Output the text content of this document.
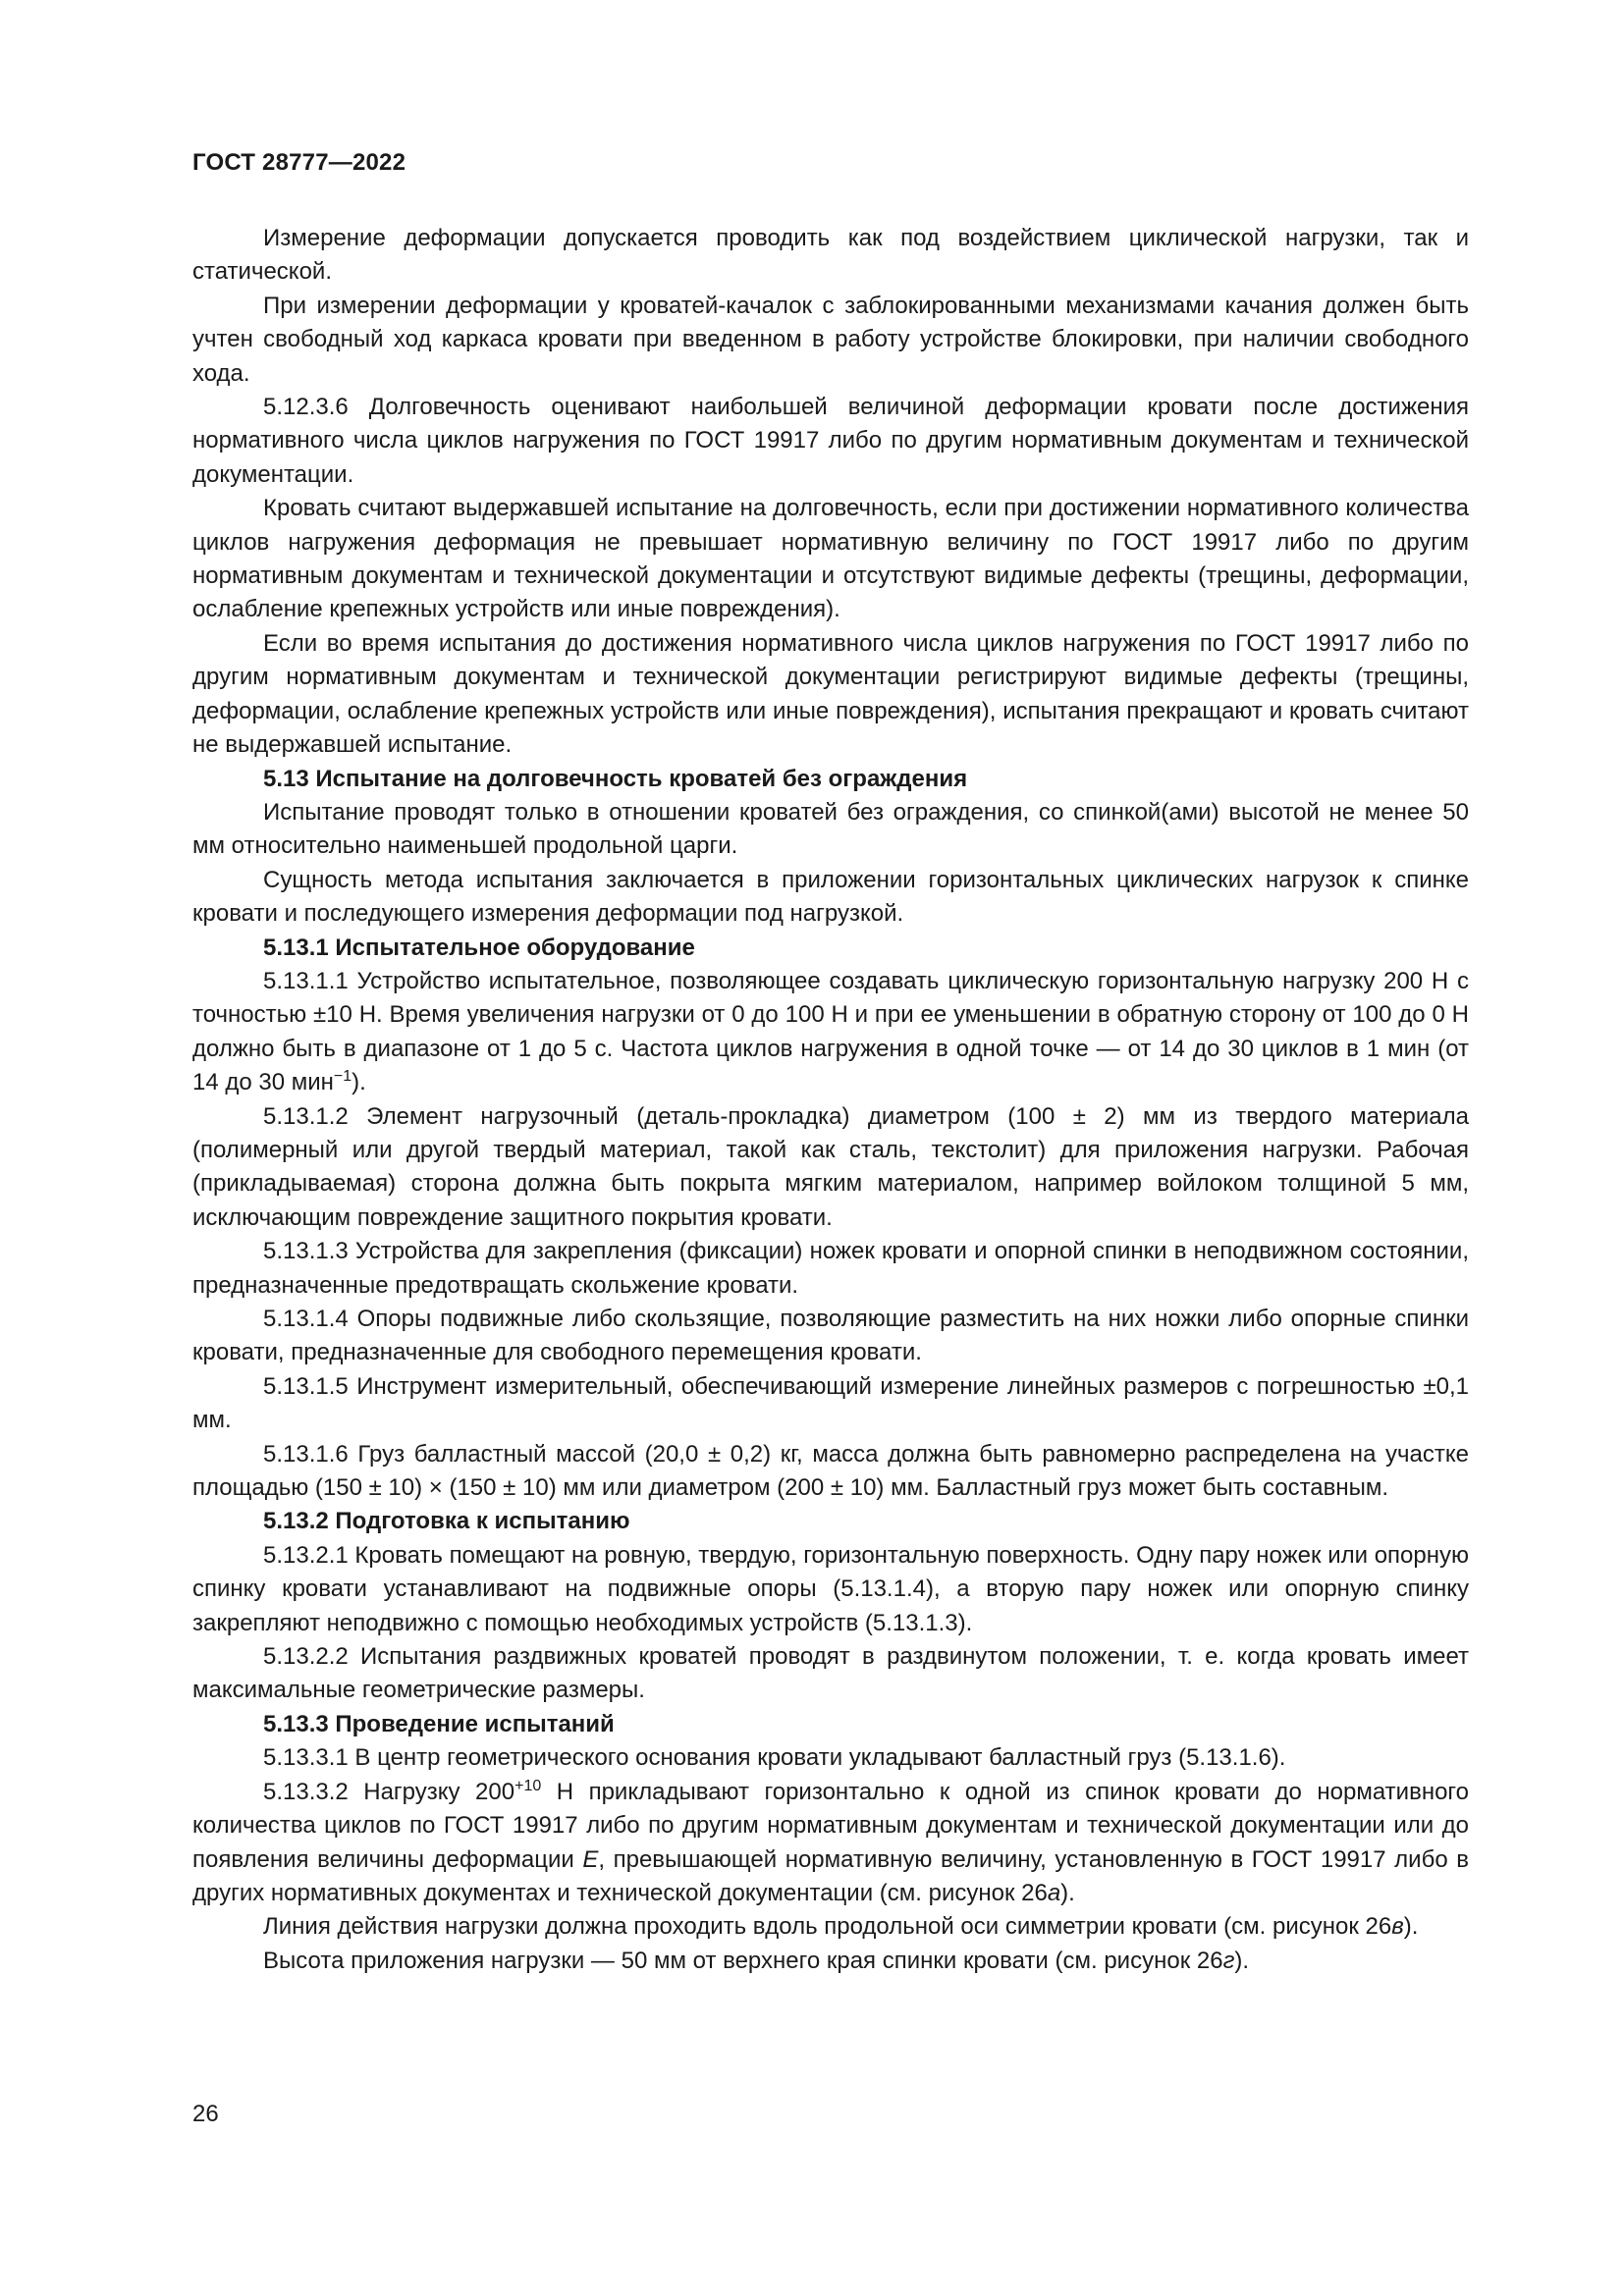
ГОСТ 28777—2022

Измерение деформации допускается проводить как под воздействием циклической нагрузки, так и статической.

При измерении деформации у кроватей-качалок с заблокированными механизмами качания должен быть учтен свободный ход каркаса кровати при введенном в работу устройстве блокировки, при наличии свободного хода.

5.12.3.6 Долговечность оценивают наибольшей величиной деформации кровати после достижения нормативного числа циклов нагружения по ГОСТ 19917 либо по другим нормативным документам и технической документации.

Кровать считают выдержавшей испытание на долговечность, если при достижении нормативного количества циклов нагружения деформация не превышает нормативную величину по ГОСТ 19917 либо по другим нормативным документам и технической документации и отсутствуют видимые дефекты (трещины, деформации, ослабление крепежных устройств или иные повреждения).

Если во время испытания до достижения нормативного числа циклов нагружения по ГОСТ 19917 либо по другим нормативным документам и технической документации регистрируют видимые дефекты (трещины, деформации, ослабление крепежных устройств или иные повреждения), испытания прекращают и кровать считают не выдержавшей испытание.

5.13 Испытание на долговечность кроватей без ограждения

Испытание проводят только в отношении кроватей без ограждения, со спинкой(ами) высотой не менее 50 мм относительно наименьшей продольной царги.

Сущность метода испытания заключается в приложении горизонтальных циклических нагрузок к спинке кровати и последующего измерения деформации под нагрузкой.

5.13.1 Испытательное оборудование

5.13.1.1 Устройство испытательное, позволяющее создавать циклическую горизонтальную нагрузку 200 Н с точностью ±10 Н. Время увеличения нагрузки от 0 до 100 Н и при ее уменьшении в обратную сторону от 100 до 0 Н должно быть в диапазоне от 1 до 5 с. Частота циклов нагружения в одной точке — от 14 до 30 циклов в 1 мин (от 14 до 30 мин$^{-1}$).

5.13.1.2 Элемент нагрузочный (деталь-прокладка) диаметром (100 ± 2) мм из твердого материала (полимерный или другой твердый материал, такой как сталь, текстолит) для приложения нагрузки. Рабочая (прикладываемая) сторона должна быть покрыта мягким материалом, например войлоком толщиной 5 мм, исключающим повреждение защитного покрытия кровати.

5.13.1.3 Устройства для закрепления (фиксации) ножек кровати и опорной спинки в неподвижном состоянии, предназначенные предотвращать скольжение кровати.

5.13.1.4 Опоры подвижные либо скользящие, позволяющие разместить на них ножки либо опорные спинки кровати, предназначенные для свободного перемещения кровати.

5.13.1.5 Инструмент измерительный, обеспечивающий измерение линейных размеров с погрешностью ±0,1 мм.

5.13.1.6 Груз балластный массой (20,0 ± 0,2) кг, масса должна быть равномерно распределена на участке площадью (150 ± 10) × (150 ± 10) мм или диаметром (200 ± 10) мм. Балластный груз может быть составным.

5.13.2 Подготовка к испытанию

5.13.2.1 Кровать помещают на ровную, твердую, горизонтальную поверхность. Одну пару ножек или опорную спинку кровати устанавливают на подвижные опоры (5.13.1.4), а вторую пару ножек или опорную спинку закрепляют неподвижно с помощью необходимых устройств (5.13.1.3).

5.13.2.2 Испытания раздвижных кроватей проводят в раздвинутом положении, т. е. когда кровать имеет максимальные геометрические размеры.

5.13.3 Проведение испытаний

5.13.3.1 В центр геометрического основания кровати укладывают балластный груз (5.13.1.6).

5.13.3.2 Нагрузку $200^{+10}$ Н прикладывают горизонтально к одной из спинок кровати до нормативного количества циклов по ГОСТ 19917 либо по другим нормативным документам и технической документации или до появления величины деформации Е, превышающей нормативную величину, установленную в ГОСТ 19917 либо в других нормативных документах и технической документации (см. рисунок 26а).

Линия действия нагрузки должна проходить вдоль продольной оси симметрии кровати (см. рисунок 26в).

Высота приложения нагрузки — 50 мм от верхнего края спинки кровати (см. рисунок 26г).

26
